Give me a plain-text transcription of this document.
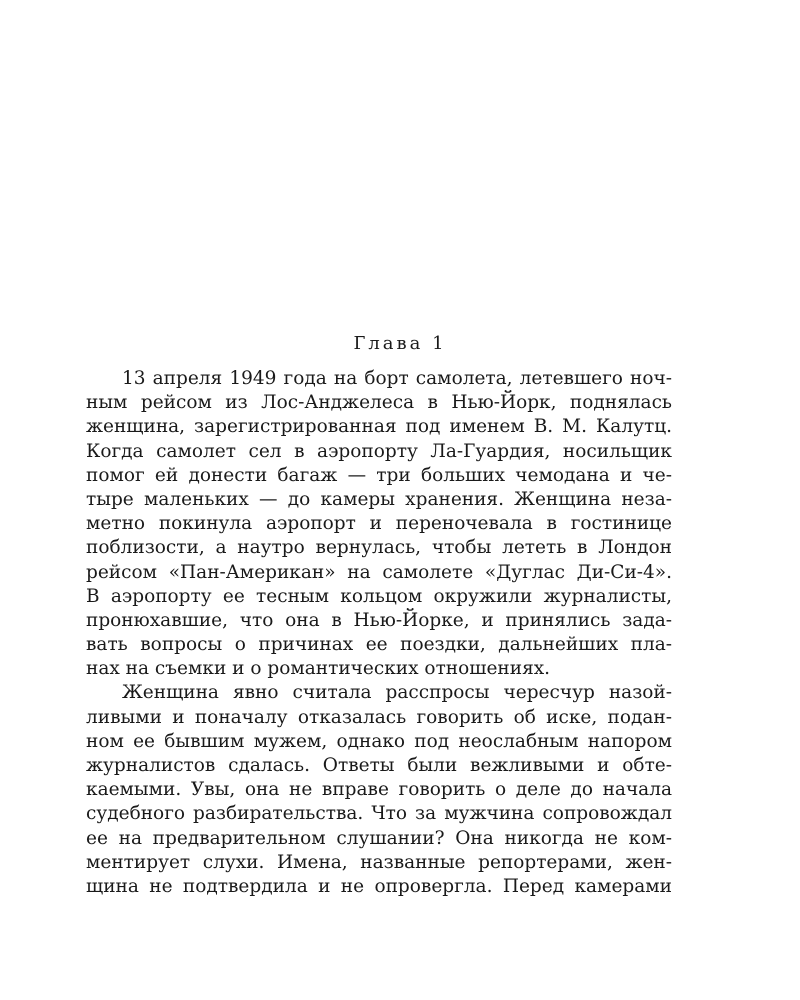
Глава 1
13 апреля 1949 года на борт самолета, летевшего ноч-
ным рейсом из Лос-Анджелеса в Нью-Йорк, поднялась
женщина, зарегистрированная под именем В. М. Калутц.
Когда самолет сел в аэропорту Ла-Гуардия, носильщик
помог ей донести багаж — три больших чемодана и че-
тыре маленьких — до камеры хранения. Женщина неза-
метно покинула аэропорт и переночевала в гостинице
поблизости, а наутро вернулась, чтобы лететь в Лондон
рейсом «Пан-Американ» на самолете «Дуглас Ди-Си-4».
В аэропорту ее тесным кольцом окружили журналисты,
пронюхавшие, что она в Нью-Йорке, и принялись зада-
вать вопросы о причинах ее поездки, дальнейших пла-
нах на съемки и о романтических отношениях.
Женщина явно считала расспросы чересчур назой-
ливыми и поначалу отказалась говорить об иске, подан-
ном ее бывшим мужем, однако под неослабным напором
журналистов сдалась. Ответы были вежливыми и обте-
каемыми. Увы, она не вправе говорить о деле до начала
судебного разбирательства. Что за мужчина сопровождал
ее на предварительном слушании? Она никогда не ком-
ментирует слухи. Имена, названные репортерами, жен-
щина не подтвердила и не опровергла. Перед камерами
